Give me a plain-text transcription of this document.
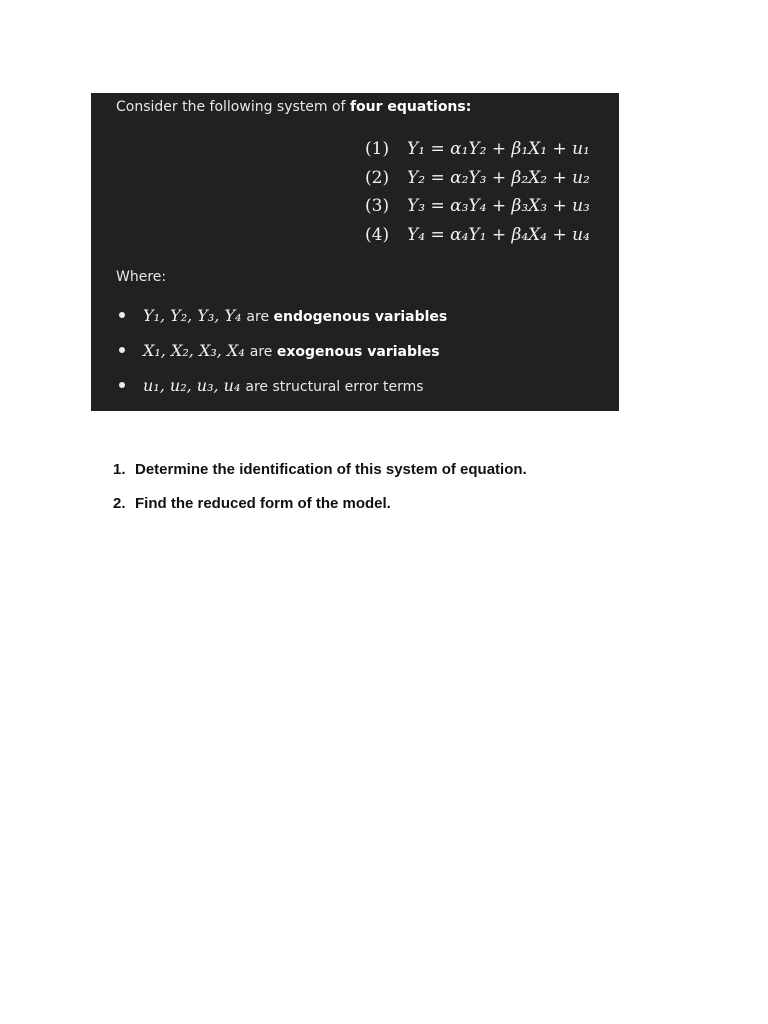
Consider the following system of four equations:
(1) Y₁ = α₁Y₂ + β₁X₁ + u₁
(2) Y₂ = α₂Y₃ + β₂X₂ + u₂
(3) Y₃ = α₃Y₄ + β₃X₃ + u₃
(4) Y₄ = α₄Y₁ + β₄X₄ + u₄
Where:
Y₁, Y₂, Y₃, Y₄ are endogenous variables
X₁, X₂, X₃, X₄ are exogenous variables
u₁, u₂, u₃, u₄ are structural error terms
1. Determine the identification of this system of equation.
2. Find the reduced form of the model.
